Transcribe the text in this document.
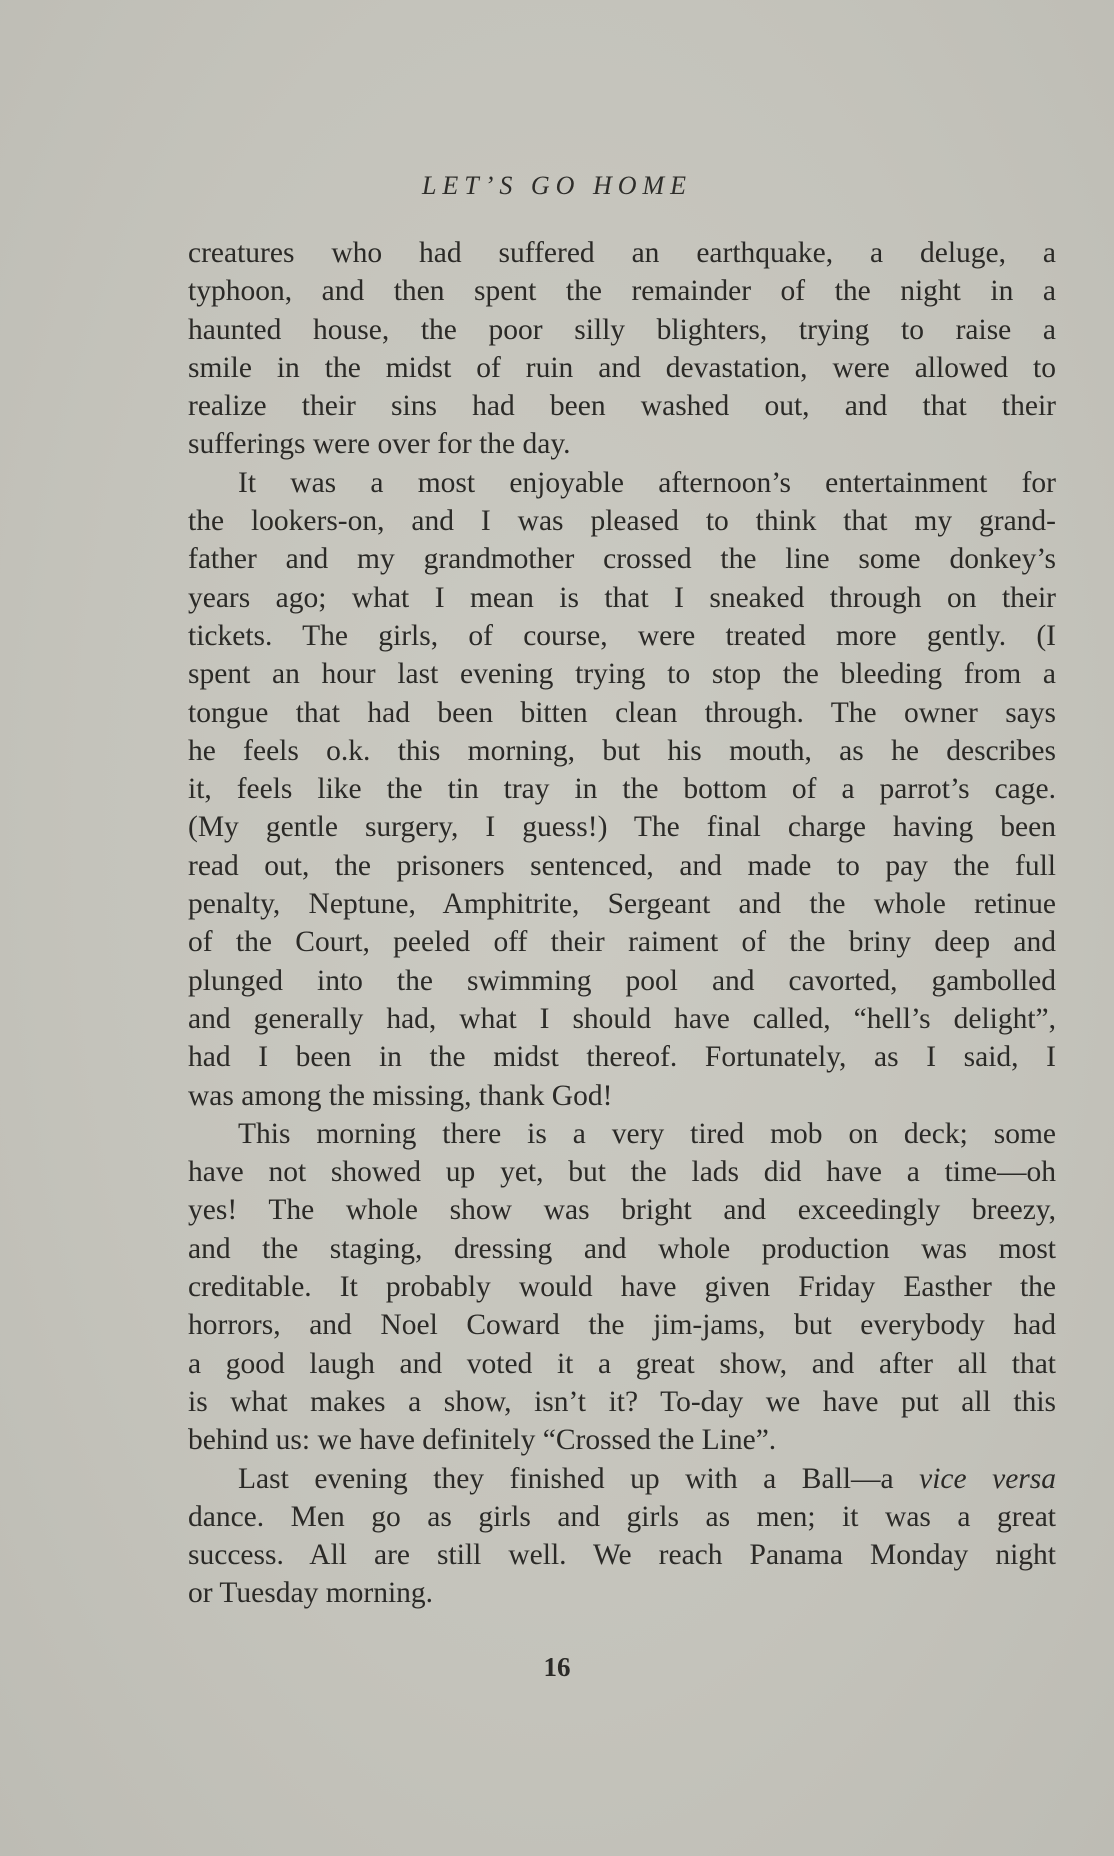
LET’S GO HOME
creatures who had suffered an earthquake, a deluge, a
typhoon, and then spent the remainder of the night in a
haunted house, the poor silly blighters, trying to raise a
smile in the midst of ruin and devastation, were allowed to
realize their sins had been washed out, and that their
sufferings were over for the day.
It was a most enjoyable afternoon’s entertainment for
the lookers-on, and I was pleased to think that my grand-
father and my grandmother crossed the line some donkey’s
years ago; what I mean is that I sneaked through on their
tickets. The girls, of course, were treated more gently. (I
spent an hour last evening trying to stop the bleeding from a
tongue that had been bitten clean through. The owner says
he feels o.k. this morning, but his mouth, as he describes
it, feels like the tin tray in the bottom of a parrot’s cage.
(My gentle surgery, I guess!) The final charge having been
read out, the prisoners sentenced, and made to pay the full
penalty, Neptune, Amphitrite, Sergeant and the whole retinue
of the Court, peeled off their raiment of the briny deep and
plunged into the swimming pool and cavorted, gambolled
and generally had, what I should have called, “hell’s delight”,
had I been in the midst thereof. Fortunately, as I said, I
was among the missing, thank God!
This morning there is a very tired mob on deck; some
have not showed up yet, but the lads did have a time—oh
yes! The whole show was bright and exceedingly breezy,
and the staging, dressing and whole production was most
creditable. It probably would have given Friday Easther the
horrors, and Noel Coward the jim-jams, but everybody had
a good laugh and voted it a great show, and after all that
is what makes a show, isn’t it? To-day we have put all this
behind us: we have definitely “Crossed the Line”.
Last evening they finished up with a Ball—a vice versa
dance. Men go as girls and girls as men; it was a great
success. All are still well. We reach Panama Monday night
or Tuesday morning.
16
